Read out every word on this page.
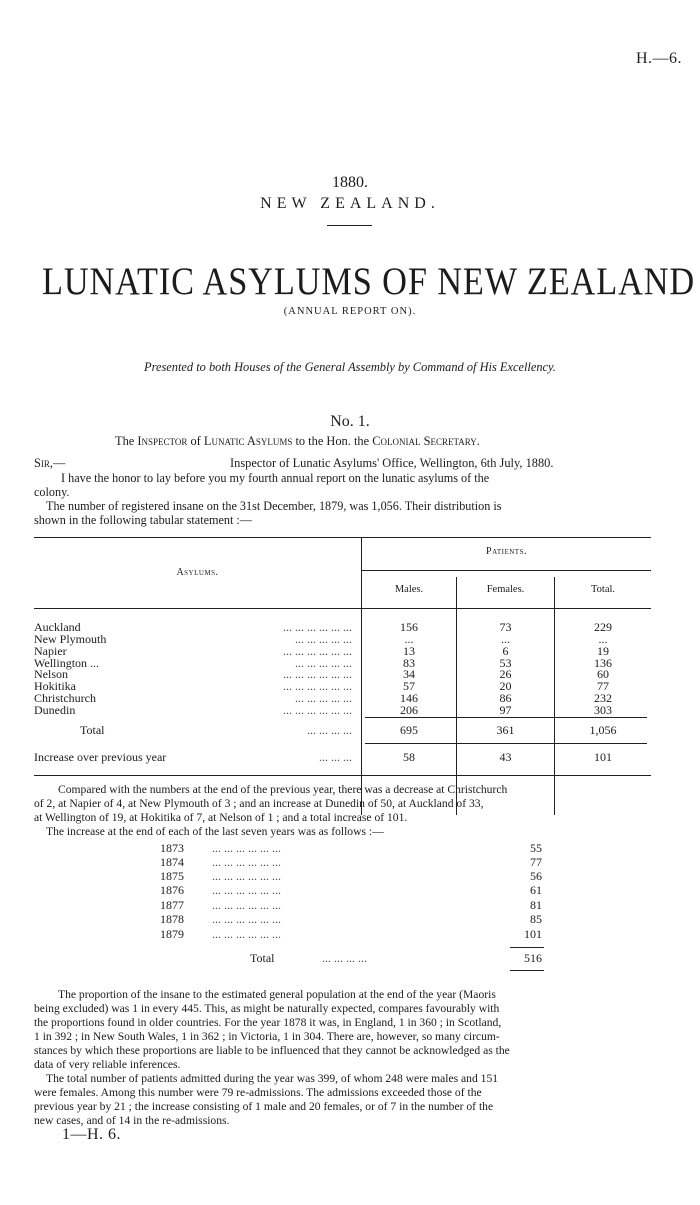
H.—6.
1880.
NEW ZEALAND.
LUNATIC ASYLUMS OF NEW ZEALAND
(ANNUAL REPORT ON).
Presented to both Houses of the General Assembly by Command of His Excellency.
No. 1.
The Inspector of Lunatic Asylums to the Hon. the Colonial Secretary.
Sir,—	Inspector of Lunatic Asylums' Office, Wellington, 6th July, 1880.
I have the honor to lay before you my fourth annual report on the lunatic asylums of the
colony.
The number of registered insane on the 31st December, 1879, was 1,056. Their distribution is
shown in the following tabular statement :—
Asylums.
Patients.
Males.	Females.	Total.
Auckland	... ... ... ... ... ...	156	73	229
New Plymouth	... ... ... ... ...	...	...	...
Napier	... ... ... ... ... ...	13	6	19
Wellington ...	... ... ... ... ...	83	53	136
Nelson	... ... ... ... ... ...	34	26	60
Hokitika	... ... ... ... ... ...	57	20	77
Christchurch	... ... ... ... ...	146	86	232
Dunedin	... ... ... ... ... ...	206	97	303
Total	... ... ... ...	695	361	1,056
Increase over previous year	... ... ...	58	43	101
Compared with the numbers at the end of the previous year, there was a decrease at Christchurch
of 2, at Napier of 4, at New Plymouth of 3 ; and an increase at Dunedin of 50, at Auckland of 33,
at Wellington of 19, at Hokitika of 7, at Nelson of 1 ; and a total increase of 101.
The increase at the end of each of the last seven years was as follows :—
1873 ... ... ... ... ... ...	55
1874 ... ... ... ... ... ...	77
1875 ... ... ... ... ... ...	56
1876 ... ... ... ... ... ...	61
1877 ... ... ... ... ... ...	81
1878 ... ... ... ... ... ...	85
1879 ... ... ... ... ... ...	101
Total	... ... ... ...	516
The proportion of the insane to the estimated general population at the end of the year (Maoris
being excluded) was 1 in every 445. This, as might be naturally expected, compares favourably with
the proportions found in older countries. For the year 1878 it was, in England, 1 in 360 ; in Scotland,
1 in 392 ; in New South Wales, 1 in 362 ; in Victoria, 1 in 304. There are, however, so many circum-
stances by which these proportions are liable to be influenced that they cannot be acknowledged as the
data of very reliable inferences.
The total number of patients admitted during the year was 399, of whom 248 were males and 151
were females. Among this number were 79 re-admissions. The admissions exceeded those of the
previous year by 21 ; the increase consisting of 1 male and 20 females, or of 7 in the number of the
new cases, and of 14 in the re-admissions.
1—H. 6.
